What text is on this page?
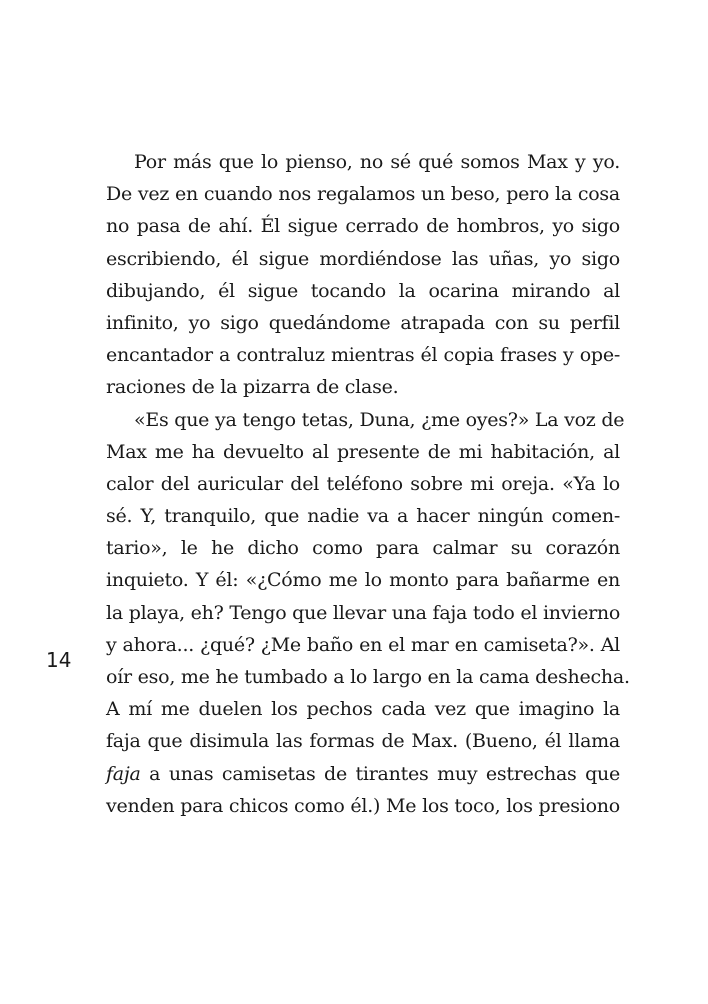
Por más que lo pienso, no sé qué somos Max y yo.
De vez en cuando nos regalamos un beso, pero la cosa
no pasa de ahí. Él sigue cerrado de hombros, yo sigo
escribiendo, él sigue mordiéndose las uñas, yo sigo
dibujando, él sigue tocando la ocarina mirando al
infinito, yo sigo quedándome atrapada con su perfil
encantador a contraluz mientras él copia frases y ope-
raciones de la pizarra de clase.
«Es que ya tengo tetas, Duna, ¿me oyes?» La voz de
Max me ha devuelto al presente de mi habitación, al
calor del auricular del teléfono sobre mi oreja. «Ya lo
sé. Y, tranquilo, que nadie va a hacer ningún comen-
tario», le he dicho como para calmar su corazón
inquieto. Y él: «¿Cómo me lo monto para bañarme en
la playa, eh? Tengo que llevar una faja todo el invierno
y ahora... ¿qué? ¿Me baño en el mar en camiseta?». Al
oír eso, me he tumbado a lo largo en la cama deshecha.
A mí me duelen los pechos cada vez que imagino la
faja que disimula las formas de Max. (Bueno, él llama
faja a unas camisetas de tirantes muy estrechas que
venden para chicos como él.) Me los toco, los presiono
14
